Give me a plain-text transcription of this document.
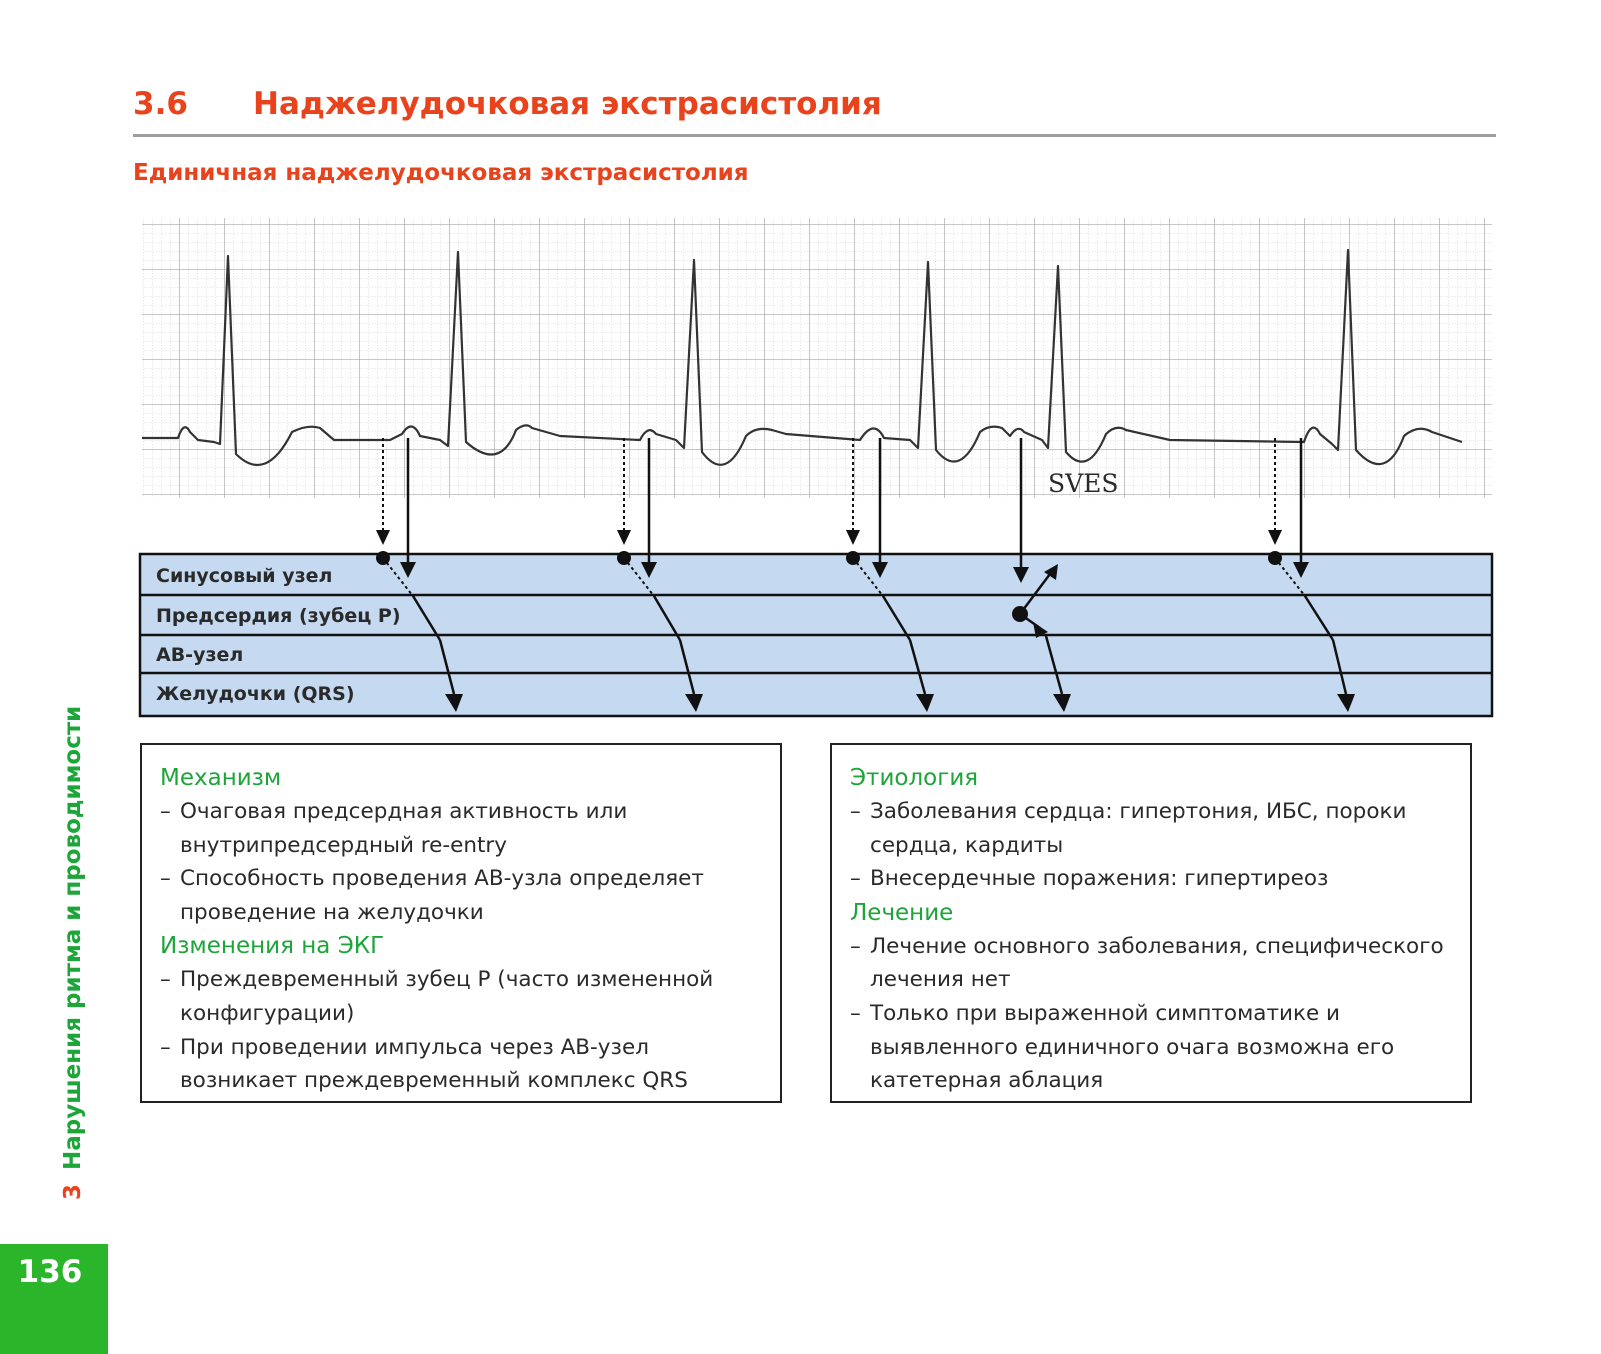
3.6 Наджелудочковая экстрасистолия
Единичная наджелудочковая экстрасистолия
SVES
Синусовый узел
Предсердия (зубец P)
АВ-узел
Желудочки (QRS)
Механизм
– Очаговая предсердная активность или внутрипредсердный re-entry
– Способность проведения АВ-узла определяет проведение на желудочки
Изменения на ЭКГ
– Преждевременный зубец P (часто измененной конфигурации)
– При проведении импульса через АВ-узел возникает преждевременный комплекс QRS
Этиология
– Заболевания сердца: гипертония, ИБС, пороки сердца, кардиты
– Внесердечные поражения: гипертиреоз
Лечение
– Лечение основного заболевания, специфического лечения нет
– Только при выраженной симптоматике и выявленного единичного очага возможна его катетерная аблация
3Нарушения ритма и проводимости
136
